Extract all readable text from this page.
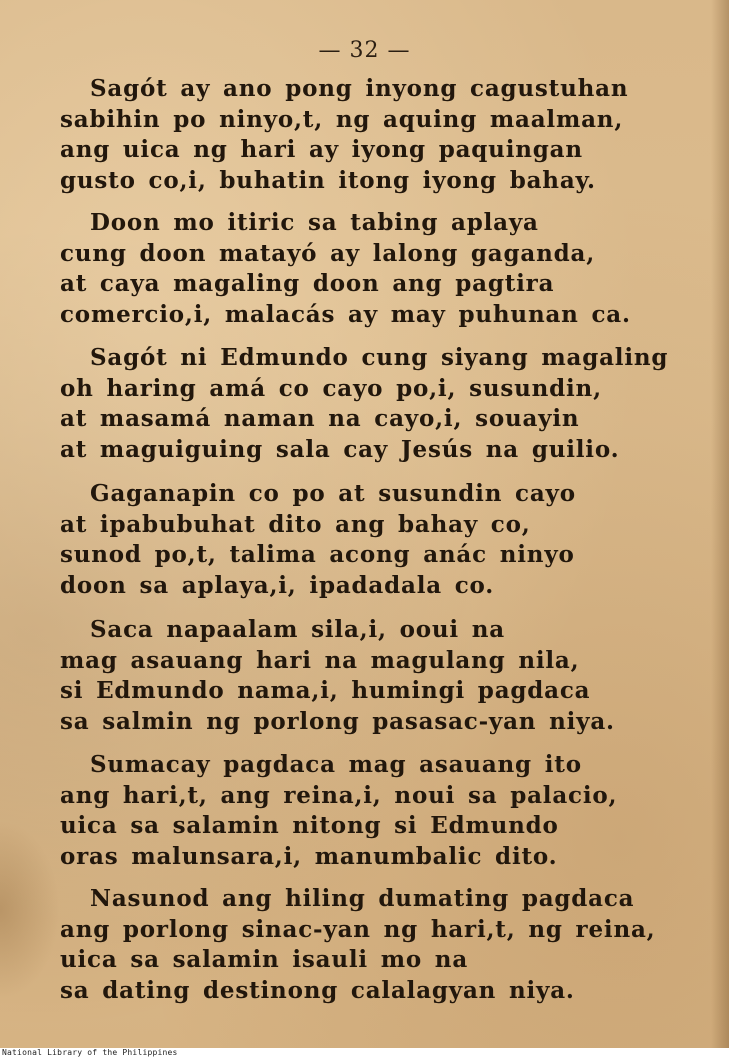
— 32 —
Sagót ay ano pong inyong cagustuhan
sabihin po ninyo,t, ng aquing maalman,
ang uica ng hari ay iyong paquingan
gusto co,i, buhatin itong iyong bahay.
Doon mo itiric sa tabing aplaya
cung doon matayó ay lalong gaganda,
at caya magaling doon ang pagtira
comercio,i, malacás ay may puhunan ca.
Sagót ni Edmundo cung siyang magaling
oh haring amá co cayo po,i, susundin,
at masamá naman na cayo,i, souayin
at maguiguing sala cay Jesús na guilio.
Gaganapin co po at susundin cayo
at ipabubuhat dito ang bahay co,
sunod po,t, talima acong anác ninyo
doon sa aplaya,i, ipadadala co.
Saca napaalam sila,i, ooui na
mag asauang hari na magulang nila,
si Edmundo nama,i, humingi pagdaca
sa salmin ng porlong pasasac-yan niya.
Sumacay pagdaca mag asauang ito
ang hari,t, ang reina,i, noui sa palacio,
uica sa salamin nitong si Edmundo
oras malunsara,i, manumbalic dito.
Nasunod ang hiling dumating pagdaca
ang porlong sinac-yan ng hari,t, ng reina,
uica sa salamin isauli mo na
sa dating destinong calalagyan niya.
National Library of the Philippines
